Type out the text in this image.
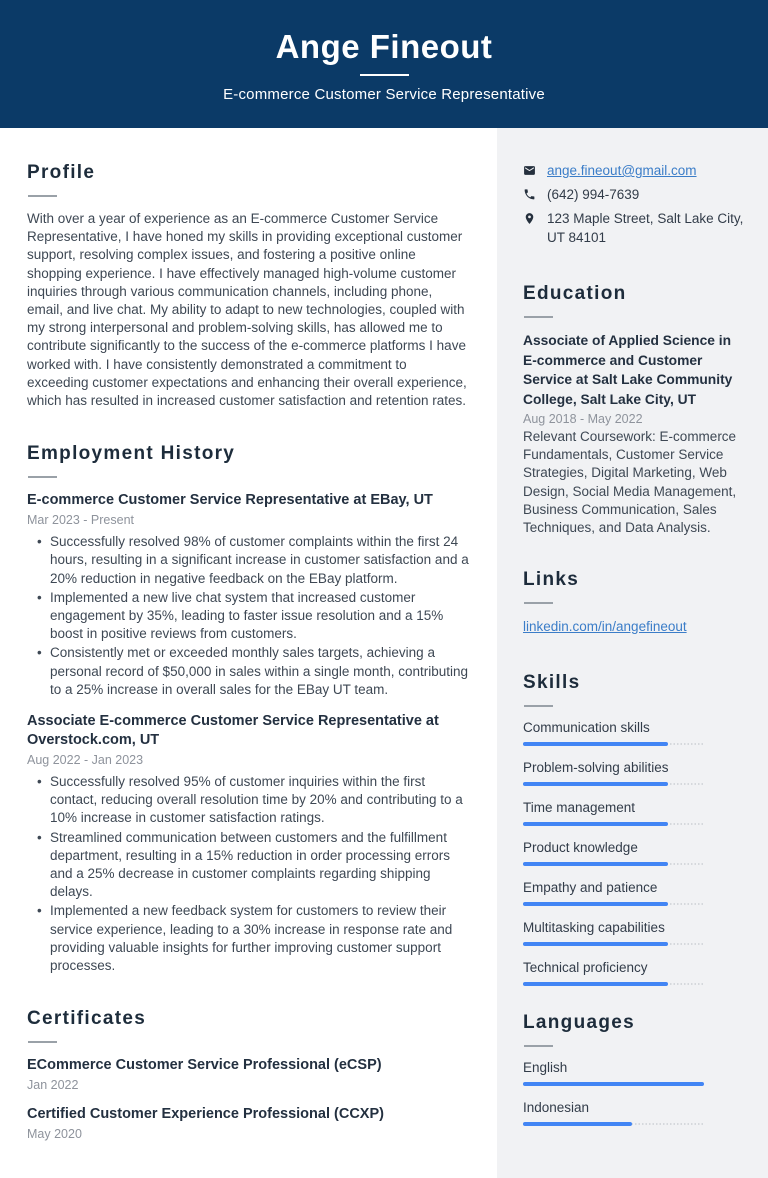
Ange Fineout
E-commerce Customer Service Representative
Profile

With over a year of experience as an E-commerce Customer Service Representative, I have honed my skills in providing exceptional customer support, resolving complex issues, and fostering a positive online shopping experience. I have effectively managed high-volume customer inquiries through various communication channels, including phone, email, and live chat. My ability to adapt to new technologies, coupled with my strong interpersonal and problem-solving skills, has allowed me to contribute significantly to the success of the e-commerce platforms I have worked with. I have consistently demonstrated a commitment to exceeding customer expectations and enhancing their overall experience, which has resulted in increased customer satisfaction and retention rates.

Employment History
E-commerce Customer Service Representative at EBay, UT
Mar 2023 - Present
• Successfully resolved 98% of customer complaints within the first 24 hours, resulting in a significant increase in customer satisfaction and a 20% reduction in negative feedback on the EBay platform.
• Implemented a new live chat system that increased customer engagement by 35%, leading to faster issue resolution and a 15% boost in positive reviews from customers.
• Consistently met or exceeded monthly sales targets, achieving a personal record of $50,000 in sales within a single month, contributing to a 25% increase in overall sales for the EBay UT team.
Associate E-commerce Customer Service Representative at Overstock.com, UT
Aug 2022 - Jan 2023
• Successfully resolved 95% of customer inquiries within the first contact, reducing overall resolution time by 20% and contributing to a 10% increase in customer satisfaction ratings.
• Streamlined communication between customers and the fulfillment department, resulting in a 15% reduction in order processing errors and a 25% decrease in customer complaints regarding shipping delays.
• Implemented a new feedback system for customers to review their service experience, leading to a 30% increase in response rate and providing valuable insights for further improving customer support processes.
Certificates
ECommerce Customer Service Professional (eCSP)
Jan 2022
Certified Customer Experience Professional (CCXP)
May 2020
ange.fineout@gmail.com
(642) 994-7639
123 Maple Street, Salt Lake City, UT 84101
Education
Associate of Applied Science in E-commerce and Customer Service at Salt Lake Community College, Salt Lake City, UT
Aug 2018 - May 2022
Relevant Coursework: E-commerce Fundamentals, Customer Service Strategies, Digital Marketing, Web Design, Social Media Management, Business Communication, Sales Techniques, and Data Analysis.
Links
linkedin.com/in/angefineout
Skills
Communication skills
Problem-solving abilities
Time management
Product knowledge
Empathy and patience
Multitasking capabilities
Technical proficiency
Languages
English
Indonesian
